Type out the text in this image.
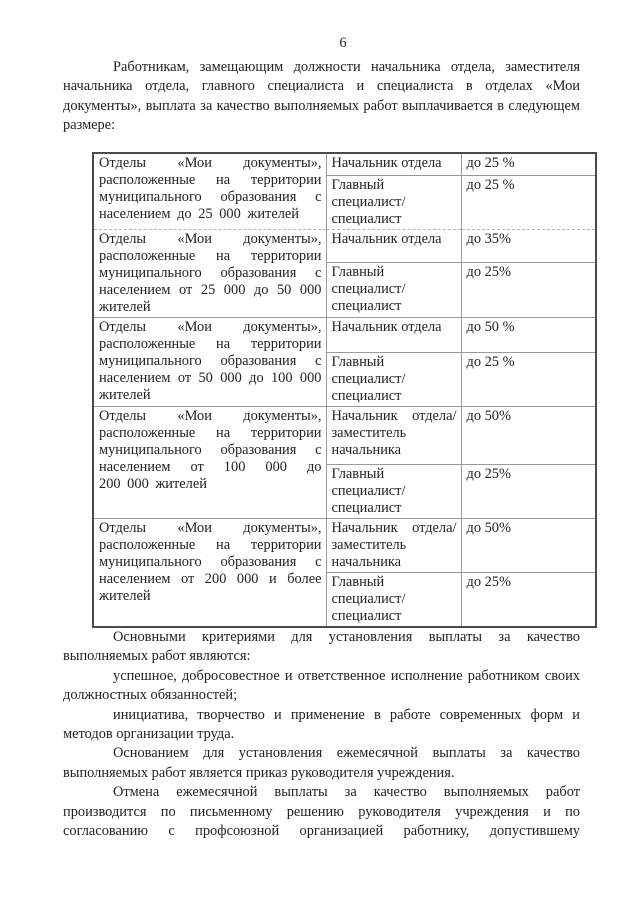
6

Работникам, замещающим должности начальника отдела, заместителя начальника отдела, главного специалиста и специалиста в отделах «Мои документы», выплата за качество выполняемых работ выплачивается в следующем размере:

Отделы «Мои документы», расположенные на территории муниципального образования с населением до 25 000 жителей	Начальник отдела	до 25 %
	Главный специалист/ специалист	до 25 %
Отделы «Мои документы», расположенные на территории муниципального образования с населением от 25 000 до 50 000 жителей	Начальник отдела	до 35%
	Главный специалист/ специалист	до 25%
Отделы «Мои документы», расположенные на территории муниципального образования с населением от 50 000 до 100 000 жителей	Начальник отдела	до 50 %
	Главный специалист/ специалист	до 25 %
Отделы «Мои документы», расположенные на территории муниципального образования с населением от 100 000 до 200 000 жителей	Начальник отдела/ заместитель начальника	до 50%
	Главный специалист/ специалист	до 25%
Отделы «Мои документы», расположенные на территории муниципального образования с населением от 200 000 и более жителей	Начальник отдела/ заместитель начальника	до 50%
	Главный специалист/ специалист	до 25%

Основными критериями для установления выплаты за качество выполняемых работ являются:

успешное, добросовестное и ответственное исполнение работником своих должностных обязанностей;

инициатива, творчество и применение в работе современных форм и методов организации труда.

Основанием для установления ежемесячной выплаты за качество выполняемых работ является приказ руководителя учреждения.

Отмена ежемесячной выплаты за качество выполняемых работ производится по письменному решению руководителя учреждения и по согласованию с профсоюзной организацией работнику, допустившему
